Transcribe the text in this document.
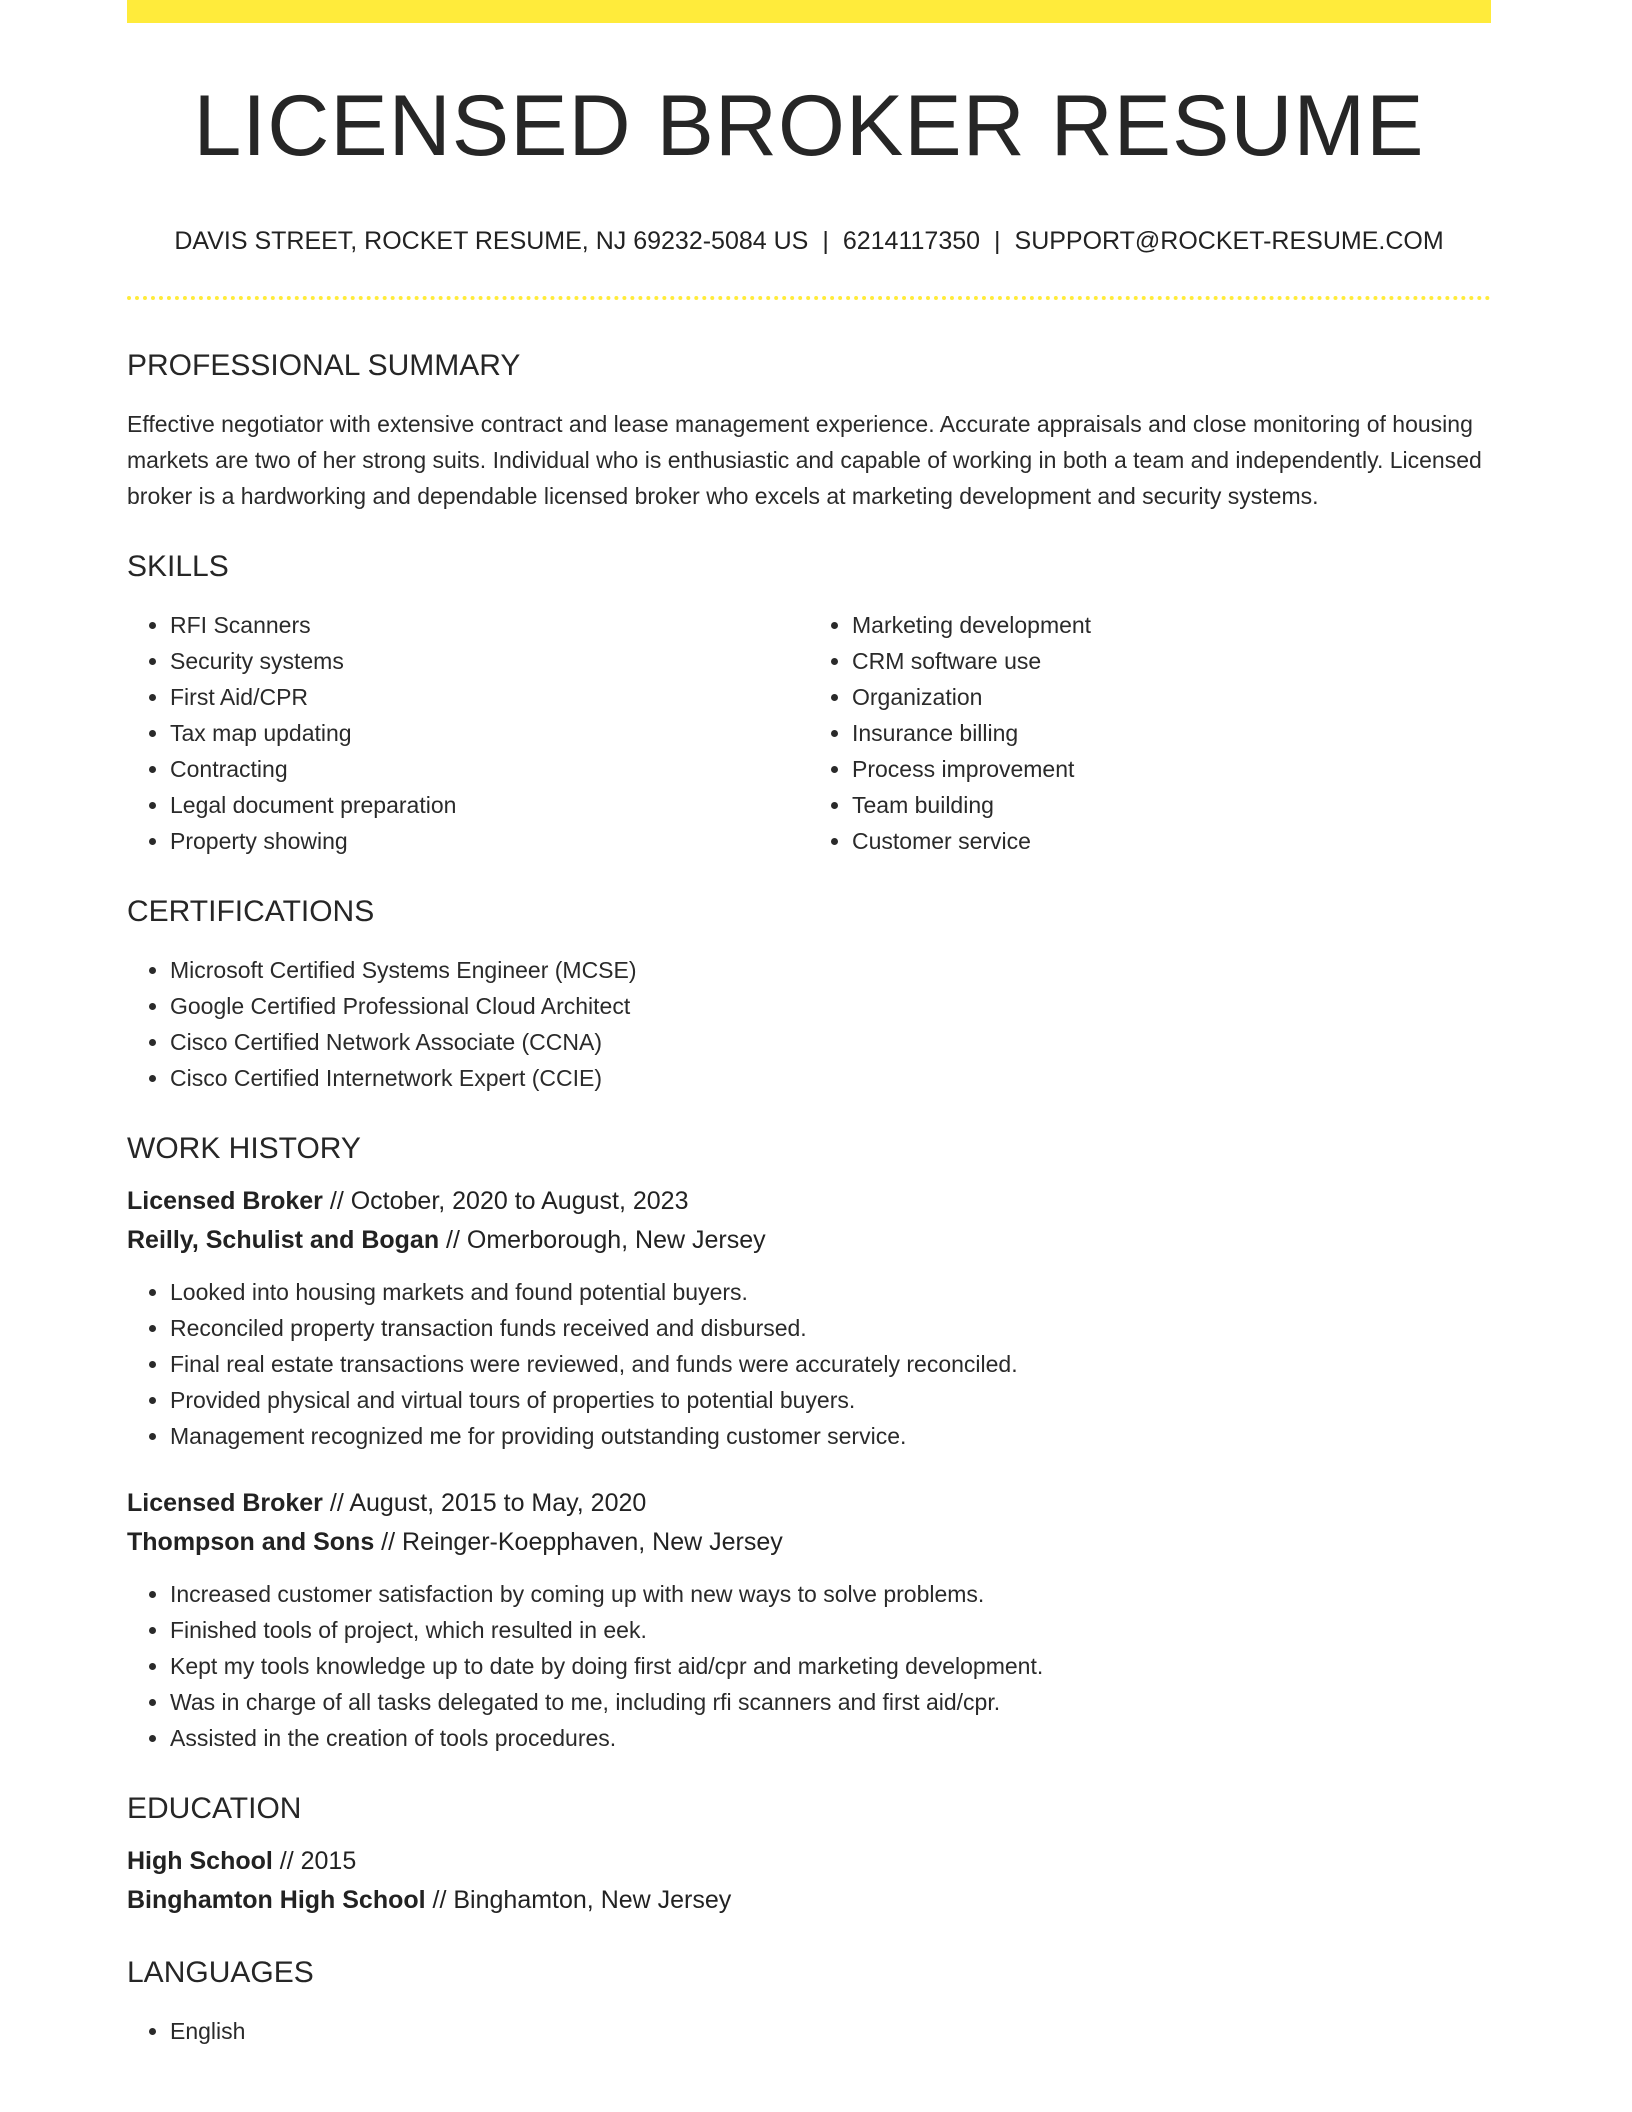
LICENSED BROKER RESUME
DAVIS STREET, ROCKET RESUME, NJ 69232-5084 US | 6214117350 | SUPPORT@ROCKET-RESUME.COM
PROFESSIONAL SUMMARY
Effective negotiator with extensive contract and lease management experience. Accurate appraisals and close monitoring of housing markets are two of her strong suits. Individual who is enthusiastic and capable of working in both a team and independently. Licensed broker is a hardworking and dependable licensed broker who excels at marketing development and security systems.
SKILLS
• RFI Scanners
• Security systems
• First Aid/CPR
• Tax map updating
• Contracting
• Legal document preparation
• Property showing
• Marketing development
• CRM software use
• Organization
• Insurance billing
• Process improvement
• Team building
• Customer service
CERTIFICATIONS
• Microsoft Certified Systems Engineer (MCSE)
• Google Certified Professional Cloud Architect
• Cisco Certified Network Associate (CCNA)
• Cisco Certified Internetwork Expert (CCIE)
WORK HISTORY
Licensed Broker // October, 2020 to August, 2023
Reilly, Schulist and Bogan // Omerborough, New Jersey
• Looked into housing markets and found potential buyers.
• Reconciled property transaction funds received and disbursed.
• Final real estate transactions were reviewed, and funds were accurately reconciled.
• Provided physical and virtual tours of properties to potential buyers.
• Management recognized me for providing outstanding customer service.
Licensed Broker // August, 2015 to May, 2020
Thompson and Sons // Reinger-Koepphaven, New Jersey
• Increased customer satisfaction by coming up with new ways to solve problems.
• Finished tools of project, which resulted in eek.
• Kept my tools knowledge up to date by doing first aid/cpr and marketing development.
• Was in charge of all tasks delegated to me, including rfi scanners and first aid/cpr.
• Assisted in the creation of tools procedures.
EDUCATION
High School // 2015
Binghamton High School // Binghamton, New Jersey
LANGUAGES
• English
